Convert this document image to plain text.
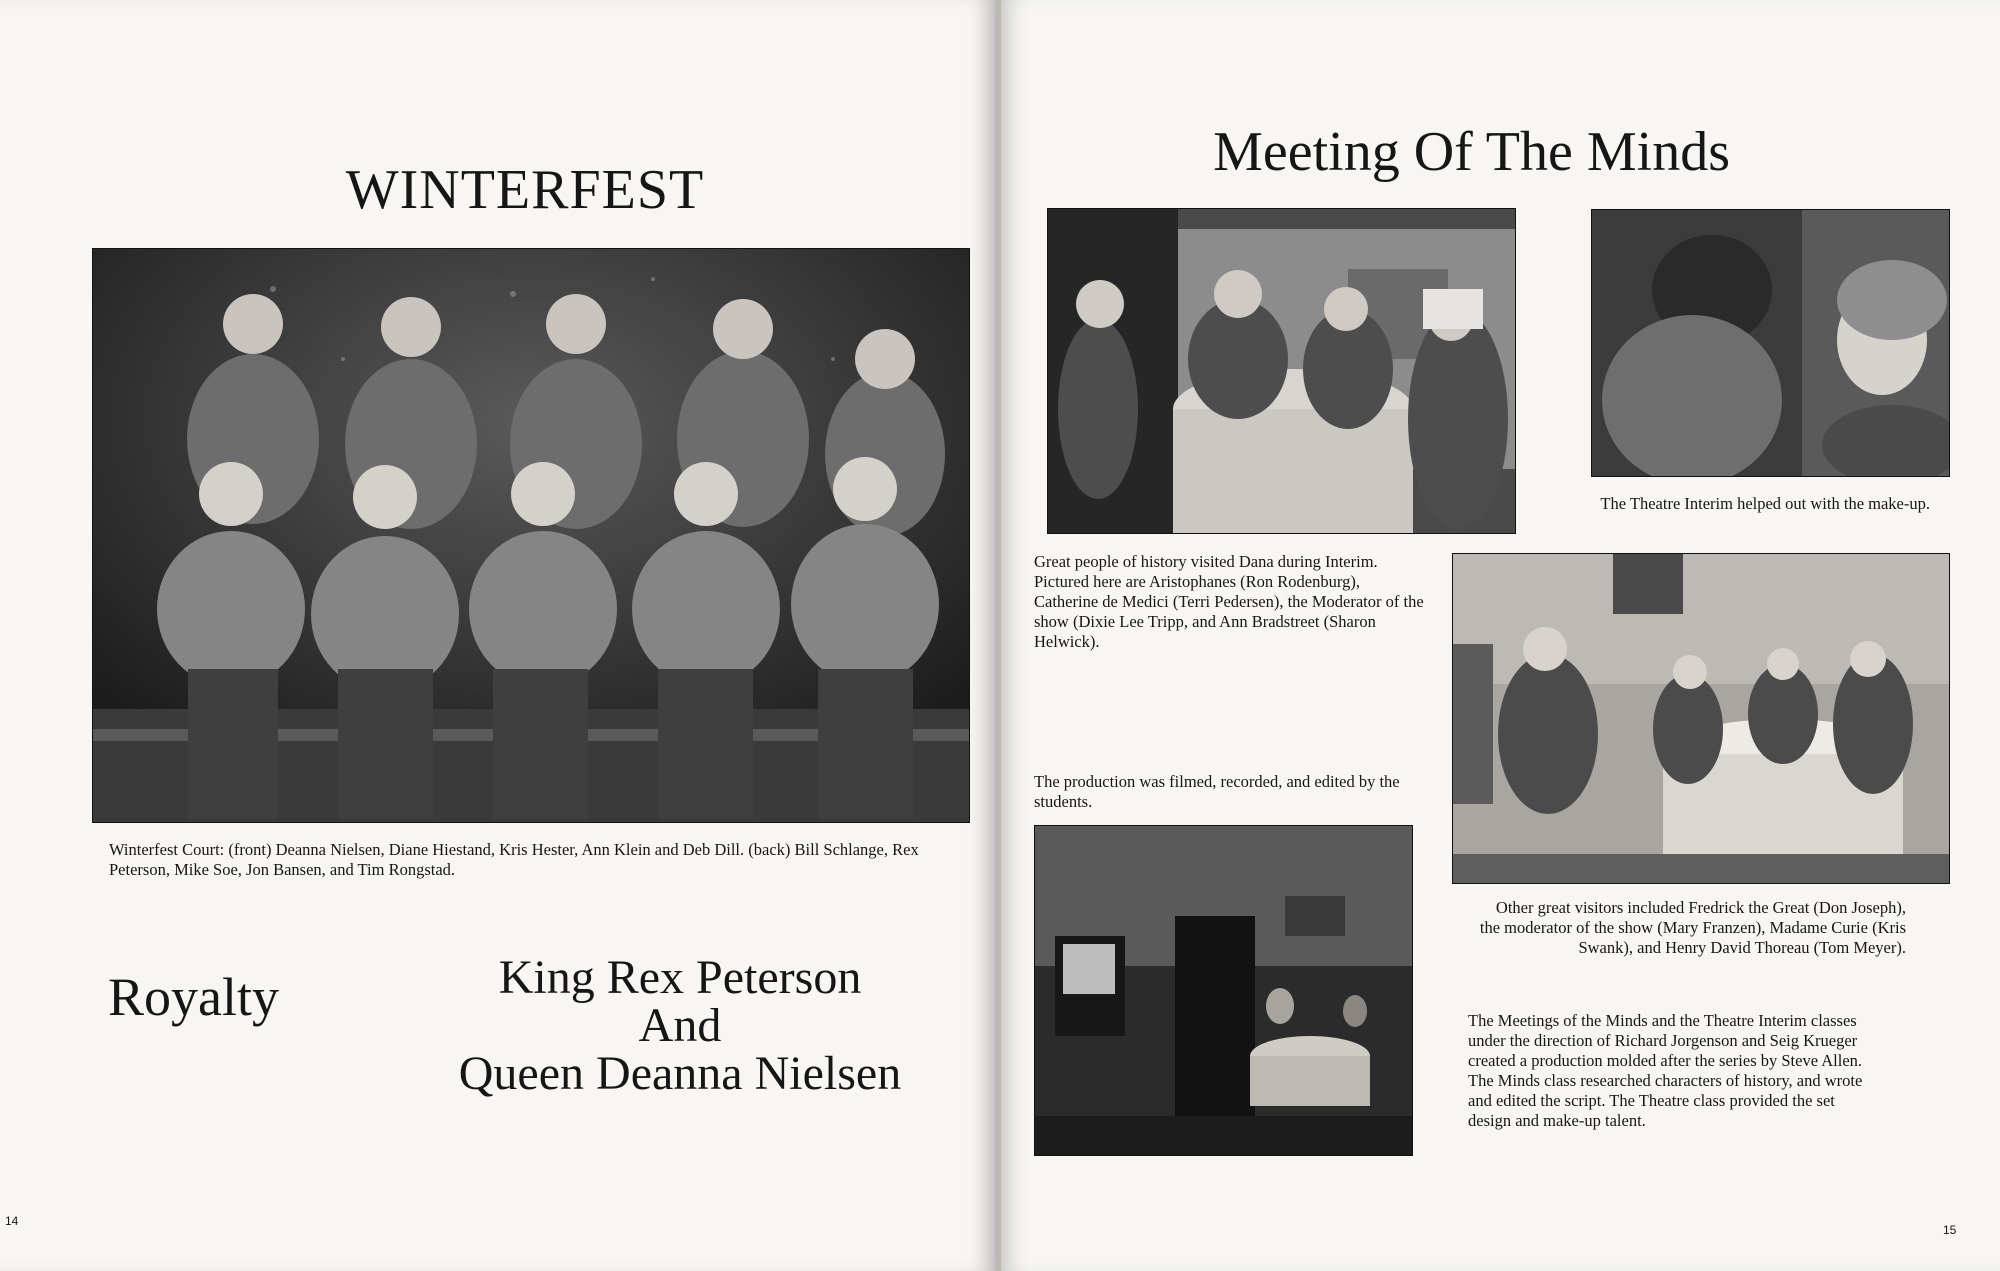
WINTERFEST
Winterfest Court: (front) Deanna Nielsen, Diane Hiestand, Kris Hester, Ann Klein and Deb Dill. (back) Bill Schlange, Rex Peterson, Mike Soe, Jon Bansen, and Tim Rongstad.
Royalty	King Rex Peterson
And
Queen Deanna Nielsen
14
Meeting Of The Minds
The Theatre Interim helped out with the make-up.
Great people of history visited Dana during Interim. Pictured here are Aristophanes (Ron Rodenburg), Catherine de Medici (Terri Pedersen), the Moderator of the show (Dixie Lee Tripp, and Ann Bradstreet (Sharon Helwick).
Other great visitors included Fredrick the Great (Don Joseph), the moderator of the show (Mary Franzen), Madame Curie (Kris Swank), and Henry David Thoreau (Tom Meyer).
The production was filmed, recorded, and edited by the students.
The Meetings of the Minds and the Theatre Interim classes under the direction of Richard Jorgenson and Seig Krueger created a production molded after the series by Steve Allen. The Minds class researched characters of history, and wrote and edited the script. The Theatre class provided the set design and make-up talent.
15
